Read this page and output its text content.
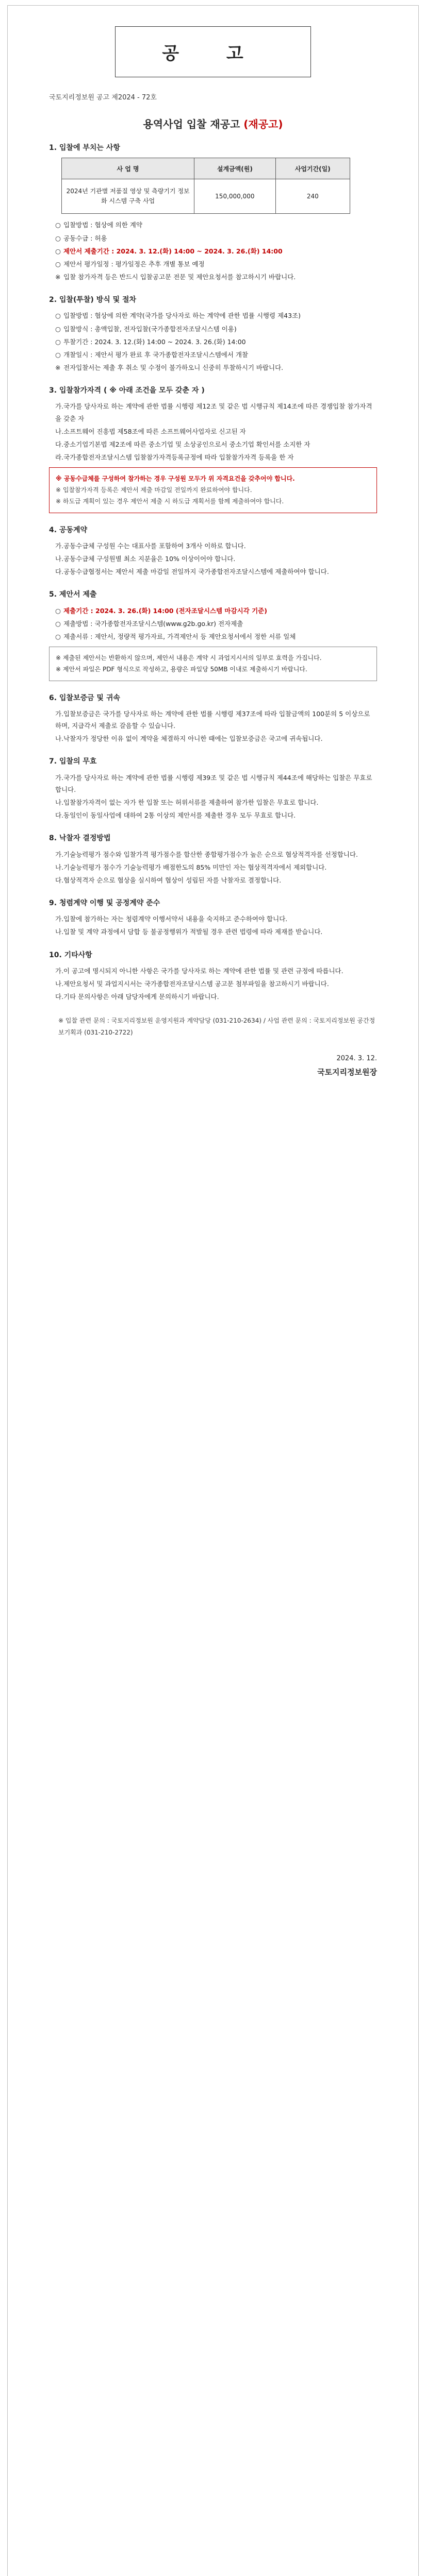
공 고
국토지리정보원 공고 제2024 - 72호
용역사업 입찰 재공고 (재공고)
1. 입찰에 부치는 사항
사 업 명	설계금액(원)	사업기간(일)
2024년 기관별 저품질 영상 및 측량기기 정보화 시스템 구축 사업	150,000,000	240
○ 입찰방법 : 협상에 의한 계약
○ 공동수급 : 허용
○ 제안서 제출기간 : 2024. 3. 12.(화) 14:00 ~ 2024. 3. 26.(화) 14:00
○ 제안서 평가일정 : 평가일정은 추후 개별 통보 예정
※ 입찰 참가자격 등은 반드시 입찰공고문 전문 및 제안요청서를 참고하시기 바랍니다.
2. 입찰(투찰) 방식 및 절차
○ 입찰방법 : 협상에 의한 계약(국가를 당사자로 하는 계약에 관한 법률 시행령 제43조)
○ 입찰방식 : 총액입찰, 전자입찰(국가종합전자조달시스템 이용)
○ 투찰기간 : 2024. 3. 12.(화) 14:00 ~ 2024. 3. 26.(화) 14:00
○ 개찰일시 : 제안서 평가 완료 후 국가종합전자조달시스템에서 개찰
※ 전자입찰서는 제출 후 취소 및 수정이 불가하오니 신중히 투찰하시기 바랍니다.
3. 입찰참가자격 ( ※ 아래 조건을 모두 갖춘 자 )
가.국가를 당사자로 하는 계약에 관한 법률 시행령 제12조 및 같은 법 시행규칙 제14조에 따른 경쟁입찰 참가자격을 갖춘 자
나.소프트웨어 진흥법 제58조에 따른 소프트웨어사업자로 신고된 자
다.중소기업기본법 제2조에 따른 중소기업 및 소상공인으로서 중소기업 확인서를 소지한 자
라.국가종합전자조달시스템 입찰참가자격등록규정에 따라 입찰참가자격 등록을 한 자
※ 공동수급체를 구성하여 참가하는 경우 구성원 모두가 위 자격요건을 갖추어야 합니다.
※ 입찰참가자격 등록은 제안서 제출 마감일 전일까지 완료하여야 합니다.
※ 하도급 계획이 있는 경우 제안서 제출 시 하도급 계획서를 함께 제출하여야 합니다.
4. 공동계약
가.공동수급체 구성원 수는 대표사를 포함하여 3개사 이하로 합니다.
나.공동수급체 구성원별 최소 지분율은 10% 이상이어야 합니다.
다.공동수급협정서는 제안서 제출 마감일 전일까지 국가종합전자조달시스템에 제출하여야 합니다.
5. 제안서 제출
○ 제출기간 : 2024. 3. 26.(화) 14:00 (전자조달시스템 마감시각 기준)
○ 제출방법 : 국가종합전자조달시스템(www.g2b.go.kr) 전자제출
○ 제출서류 : 제안서, 정량적 평가자료, 가격제안서 등 제안요청서에서 정한 서류 일체
※ 제출된 제안서는 반환하지 않으며, 제안서 내용은 계약 시 과업지시서의 일부로 효력을 가집니다.
※ 제안서 파일은 PDF 형식으로 작성하고, 용량은 파일당 50MB 이내로 제출하시기 바랍니다.
6. 입찰보증금 및 귀속
가.입찰보증금은 국가를 당사자로 하는 계약에 관한 법률 시행령 제37조에 따라 입찰금액의 100분의 5 이상으로 하며, 지급각서 제출로 갈음할 수 있습니다.
나.낙찰자가 정당한 이유 없이 계약을 체결하지 아니한 때에는 입찰보증금은 국고에 귀속됩니다.
7. 입찰의 무효
가.국가를 당사자로 하는 계약에 관한 법률 시행령 제39조 및 같은 법 시행규칙 제44조에 해당하는 입찰은 무효로 합니다.
나.입찰참가자격이 없는 자가 한 입찰 또는 허위서류를 제출하여 참가한 입찰은 무효로 합니다.
다.동일인이 동일사업에 대하여 2통 이상의 제안서를 제출한 경우 모두 무효로 합니다.
8. 낙찰자 결정방법
가.기술능력평가 점수와 입찰가격 평가점수를 합산한 종합평가점수가 높은 순으로 협상적격자를 선정합니다.
나.기술능력평가 점수가 기술능력평가 배점한도의 85% 미만인 자는 협상적격자에서 제외합니다.
다.협상적격자 순으로 협상을 실시하여 협상이 성립된 자를 낙찰자로 결정합니다.
9. 청렴계약 이행 및 공정계약 준수
가.입찰에 참가하는 자는 청렴계약 이행서약서 내용을 숙지하고 준수하여야 합니다.
나.입찰 및 계약 과정에서 담합 등 불공정행위가 적발될 경우 관련 법령에 따라 제재를 받습니다.
10. 기타사항
가.이 공고에 명시되지 아니한 사항은 국가를 당사자로 하는 계약에 관한 법률 및 관련 규정에 따릅니다.
나.제안요청서 및 과업지시서는 국가종합전자조달시스템 공고문 첨부파일을 참고하시기 바랍니다.
다.기타 문의사항은 아래 담당자에게 문의하시기 바랍니다.
※ 입찰 관련 문의 : 국토지리정보원 운영지원과 계약담당 (031-210-2634) / 사업 관련 문의 : 국토지리정보원 공간정보기획과 (031-210-2722)
2024. 3. 12.
국토지리정보원장
